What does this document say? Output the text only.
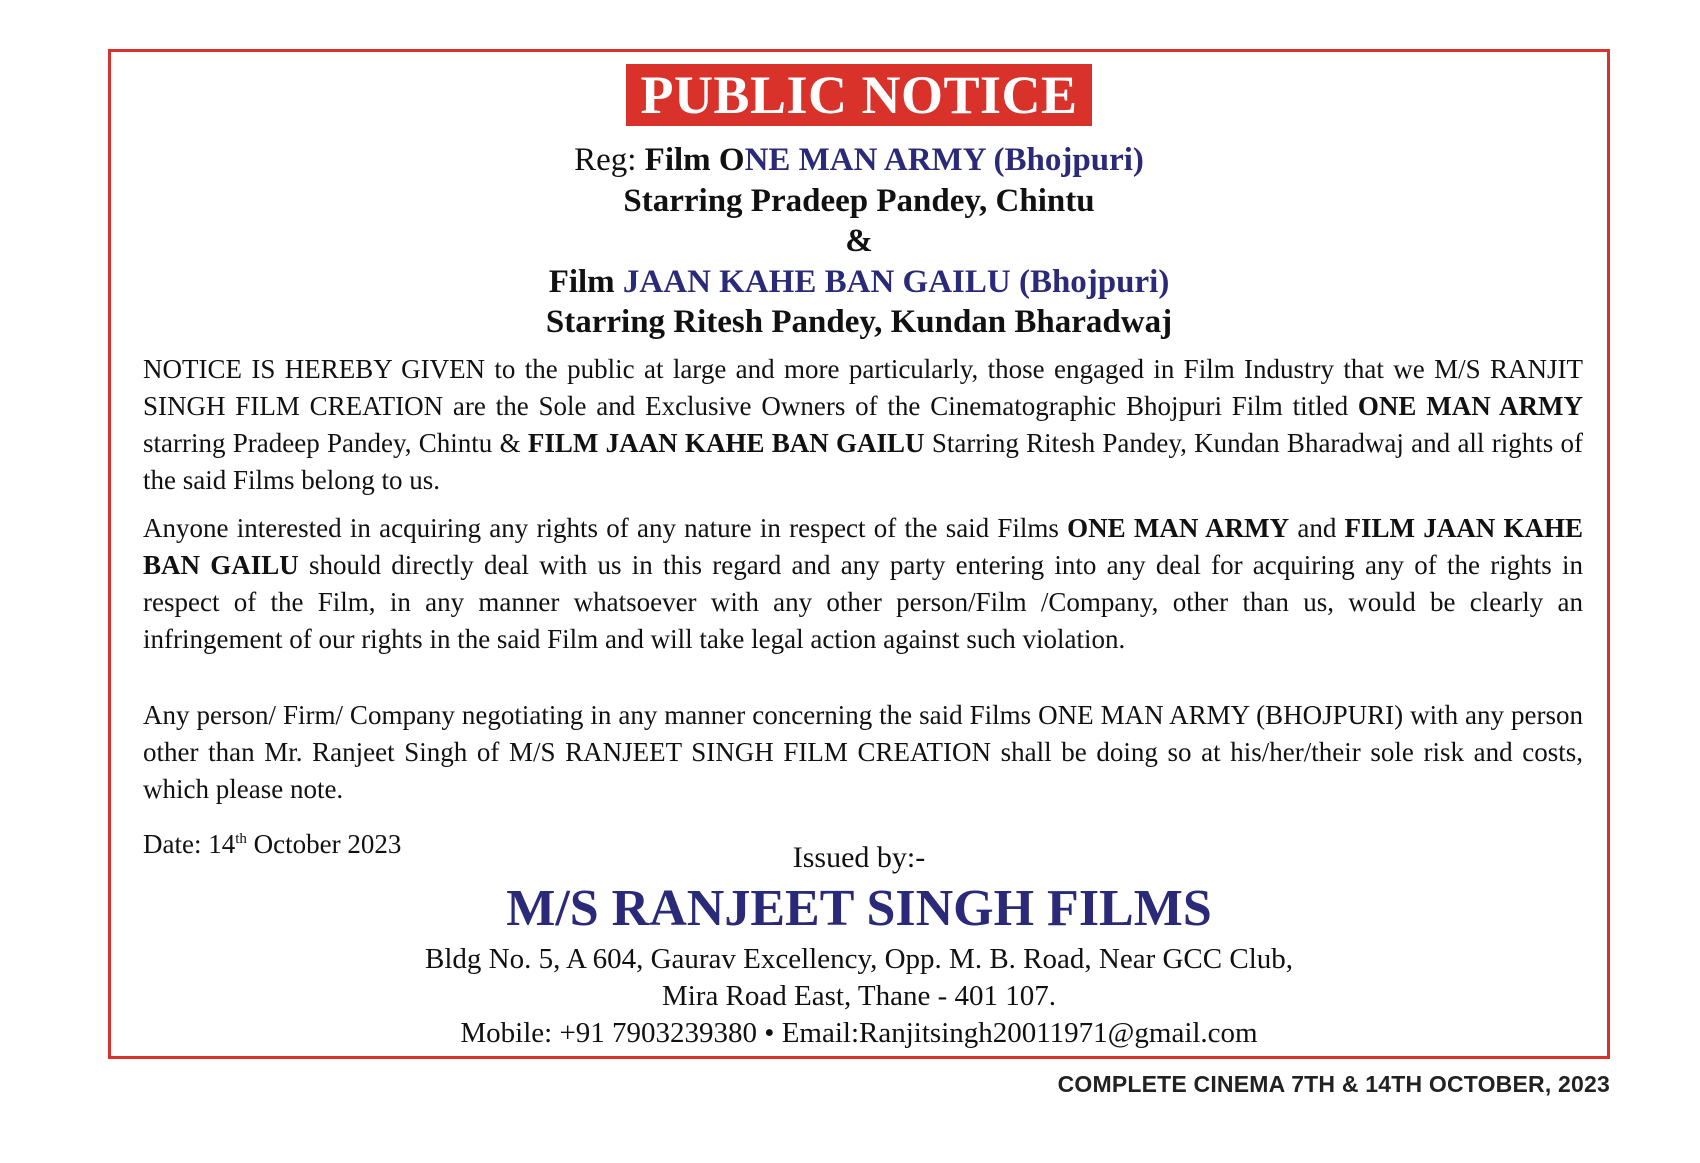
PUBLIC NOTICE
Reg: Film ONE MAN ARMY (Bhojpuri)
Starring Pradeep Pandey, Chintu
&
Film JAAN KAHE BAN GAILU (Bhojpuri)
Starring Ritesh Pandey, Kundan Bharadwaj
NOTICE IS HEREBY GIVEN to the public at large and more particularly, those engaged in Film Industry that we M/S RANJIT SINGH FILM CREATION are the Sole and Exclusive Owners of the Cinematographic Bhojpuri Film titled ONE MAN ARMY starring Pradeep Pandey, Chintu & FILM JAAN KAHE BAN GAILU Starring Ritesh Pandey, Kundan Bharadwaj and all rights of the said Films belong to us.
Anyone interested in acquiring any rights of any nature in respect of the said Films ONE MAN ARMY and FILM JAAN KAHE BAN GAILU should directly deal with us in this regard and any party entering into any deal for acquiring any of the rights in respect of the Film, in any manner whatsoever with any other person/Film /Company, other than us, would be clearly an infringement of our rights in the said Film and will take legal action against such violation.
Any person/ Firm/ Company negotiating in any manner concerning the said Films ONE MAN ARMY (BHOJPURI) with any person other than Mr. Ranjeet Singh of M/S RANJEET SINGH FILM CREATION shall be doing so at his/her/their sole risk and costs, which please note.
Date: 14th October 2023	Issued by:-
M/S RANJEET SINGH FILMS
Bldg No. 5, A 604, Gaurav Excellency, Opp. M. B. Road, Near GCC Club,
Mira Road East, Thane - 401 107.
Mobile: +91 7903239380 • Email:Ranjitsingh20011971@gmail.com
COMPLETE CINEMA 7TH & 14TH OCTOBER, 2023
